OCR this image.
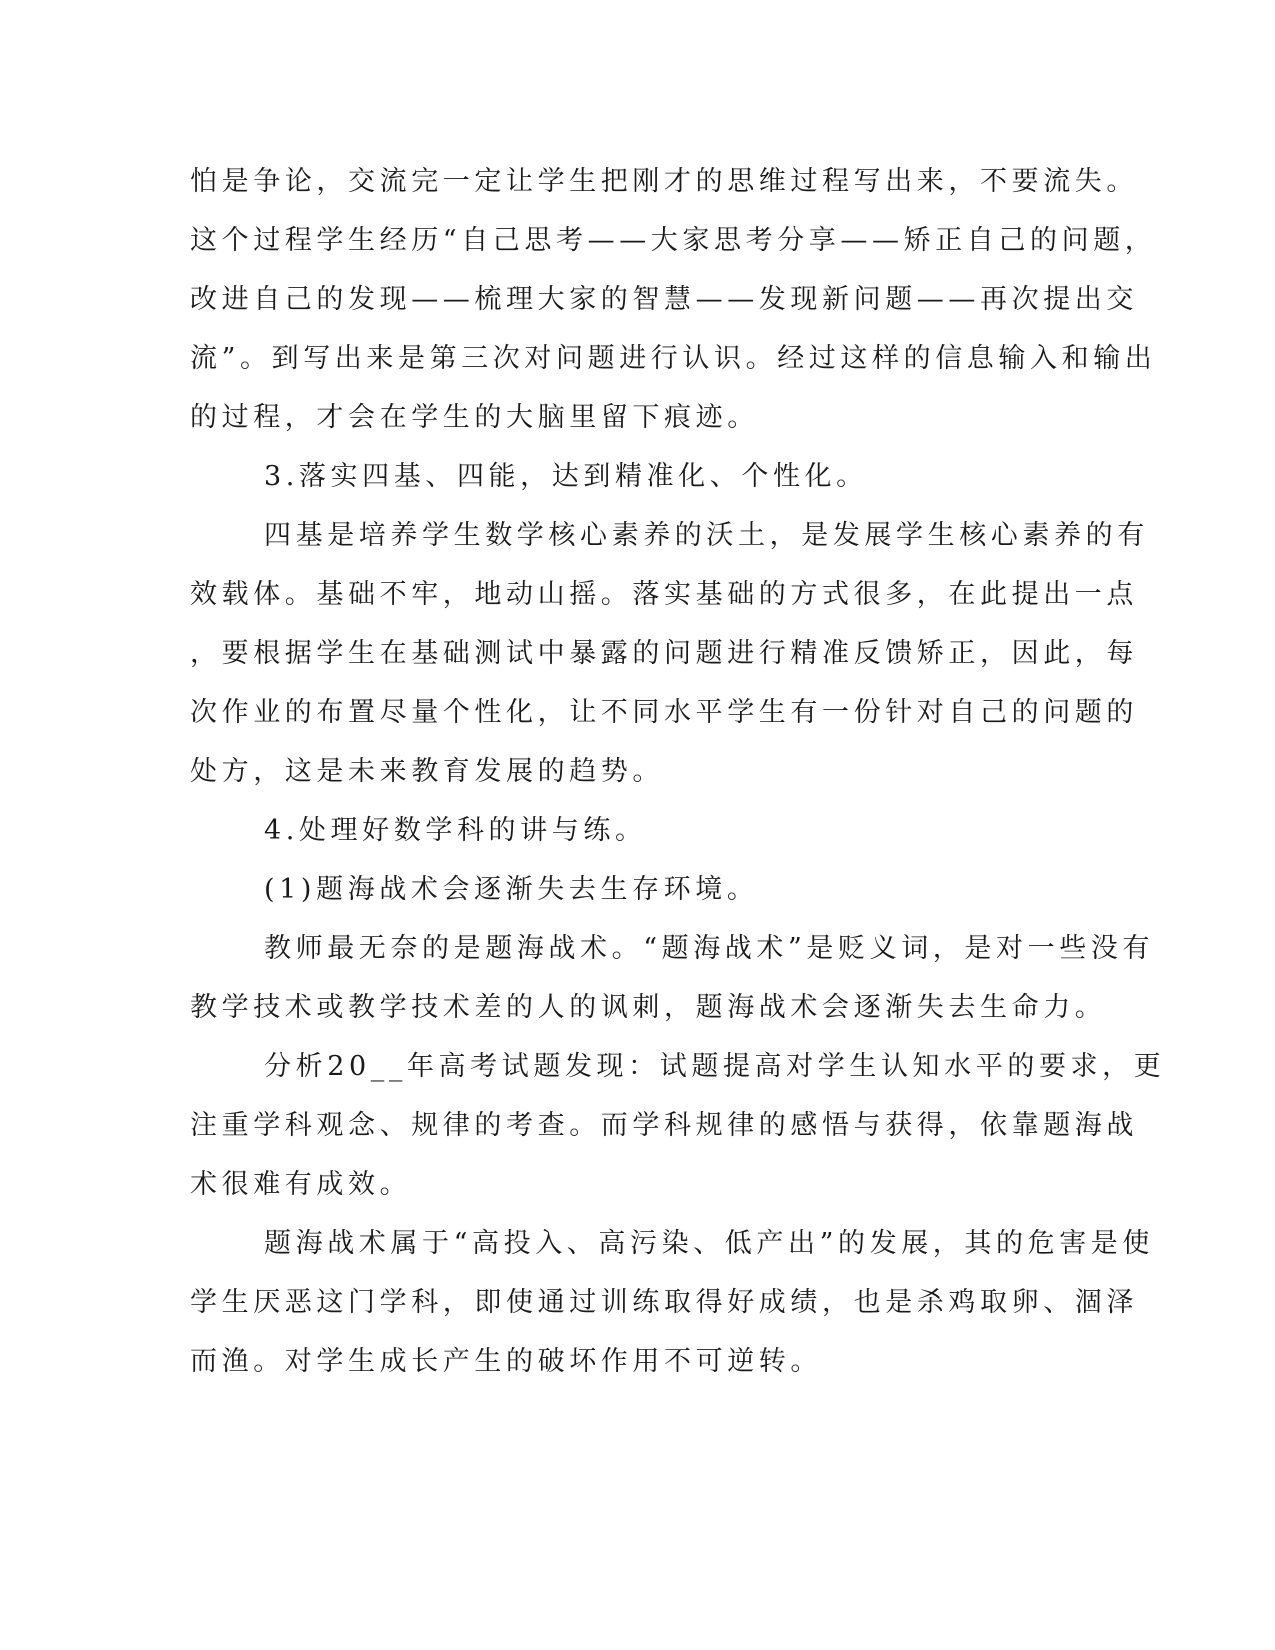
怕是争论，交流完一定让学生把刚才的思维过程写出来，不要流失。
这个过程学生经历“自己思考——大家思考分享——矫正自己的问题，
改进自己的发现——梳理大家的智慧——发现新问题——再次提出交
流”。到写出来是第三次对问题进行认识。经过这样的信息输入和输出
的过程，才会在学生的大脑里留下痕迹。
3.落实四基、四能，达到精准化、个性化。
四基是培养学生数学核心素养的沃土，是发展学生核心素养的有
效载体。基础不牢，地动山摇。落实基础的方式很多，在此提出一点
，要根据学生在基础测试中暴露的问题进行精准反馈矫正，因此，每
次作业的布置尽量个性化，让不同水平学生有一份针对自己的问题的
处方，这是未来教育发展的趋势。
4.处理好数学科的讲与练。
(1)题海战术会逐渐失去生存环境。
教师最无奈的是题海战术。“题海战术”是贬义词，是对一些没有
教学技术或教学技术差的人的讽刺，题海战术会逐渐失去生命力。
分析20__年高考试题发现：试题提高对学生认知水平的要求，更
注重学科观念、规律的考查。而学科规律的感悟与获得，依靠题海战
术很难有成效。
题海战术属于“高投入、高污染、低产出”的发展，其的危害是使
学生厌恶这门学科，即使通过训练取得好成绩，也是杀鸡取卵、涸泽
而渔。对学生成长产生的破坏作用不可逆转。
